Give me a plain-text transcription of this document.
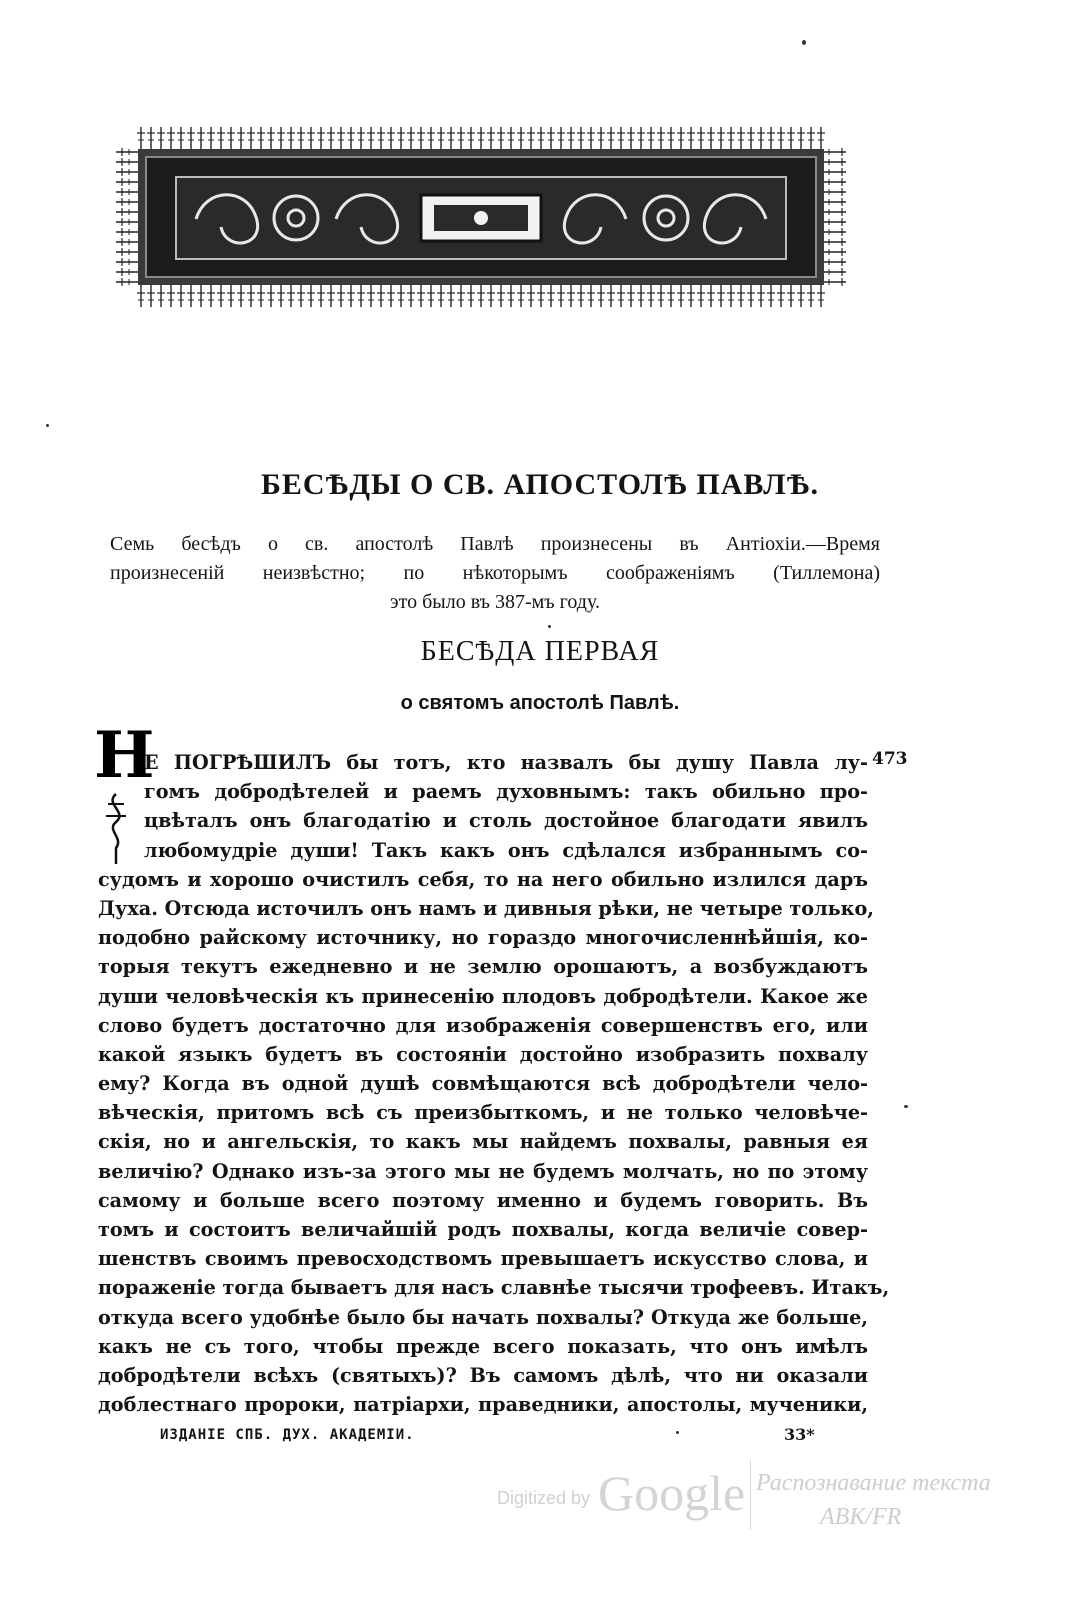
БЕСѢДЫ О СВ. АПОСТОЛѢ ПАВЛѢ.
Семь бесѣдъ о св. апостолѣ Павлѣ произнесены въ Антіохіи.—Время
произнесеній неизвѣстно; по нѣкоторымъ соображеніямъ (Тиллемона)
это было въ 387-мъ году.
БЕСѢДА ПЕРВАЯ
о святомъ апостолѣ Павлѣ.
Н	473
Е ПОГРѢШИЛЪ бы тотъ, кто назвалъ бы душу Павла лу-
гомъ добродѣтелей и раемъ духовнымъ: такъ обильно про-
цвѣталъ онъ благодатію и столь достойное благодати явилъ
любомудріе души! Такъ какъ онъ сдѣлался избраннымъ со-
судомъ и хорошо очистилъ себя, то на него обильно излился даръ
Духа. Отсюда источилъ онъ намъ и дивныя рѣки, не четыре только,
подобно райскому источнику, но гораздо многочисленнѣйшія, ко-
торыя текутъ ежедневно и не землю орошаютъ, а возбуждаютъ
души человѣческія къ принесенію плодовъ добродѣтели. Какое же
слово будетъ достаточно для изображенія совершенствъ его, или
какой языкъ будетъ въ состояніи достойно изобразить похвалу
ему? Когда въ одной душѣ совмѣщаются всѣ добродѣтели чело-
вѣческія, притомъ всѣ съ преизбыткомъ, и не только человѣче-
скія, но и ангельскія, то какъ мы найдемъ похвалы, равныя ея
величію? Однако изъ-за этого мы не будемъ молчать, но по этому
самому и больше всего поэтому именно и будемъ говорить. Въ
томъ и состоитъ величайшій родъ похвалы, когда величіе совер-
шенствъ своимъ превосходствомъ превышаетъ искусство слова, и
пораженіе тогда бываетъ для насъ славнѣе тысячи трофеевъ. Итакъ,
откуда всего удобнѣе было бы начать похвалы? Откуда же больше,
какъ не съ того, чтобы прежде всего показать, что онъ имѣлъ
добродѣтели всѣхъ (святыхъ)? Въ самомъ дѣлѣ, что ни оказали
доблестнаго пророки, патріархи, праведники, апостолы, мученики,
ИЗДАНІЕ СПБ. ДУХ. АКАДЕМІИ.	33*
Digitized by Google Распознавание текста
ABK/FR
